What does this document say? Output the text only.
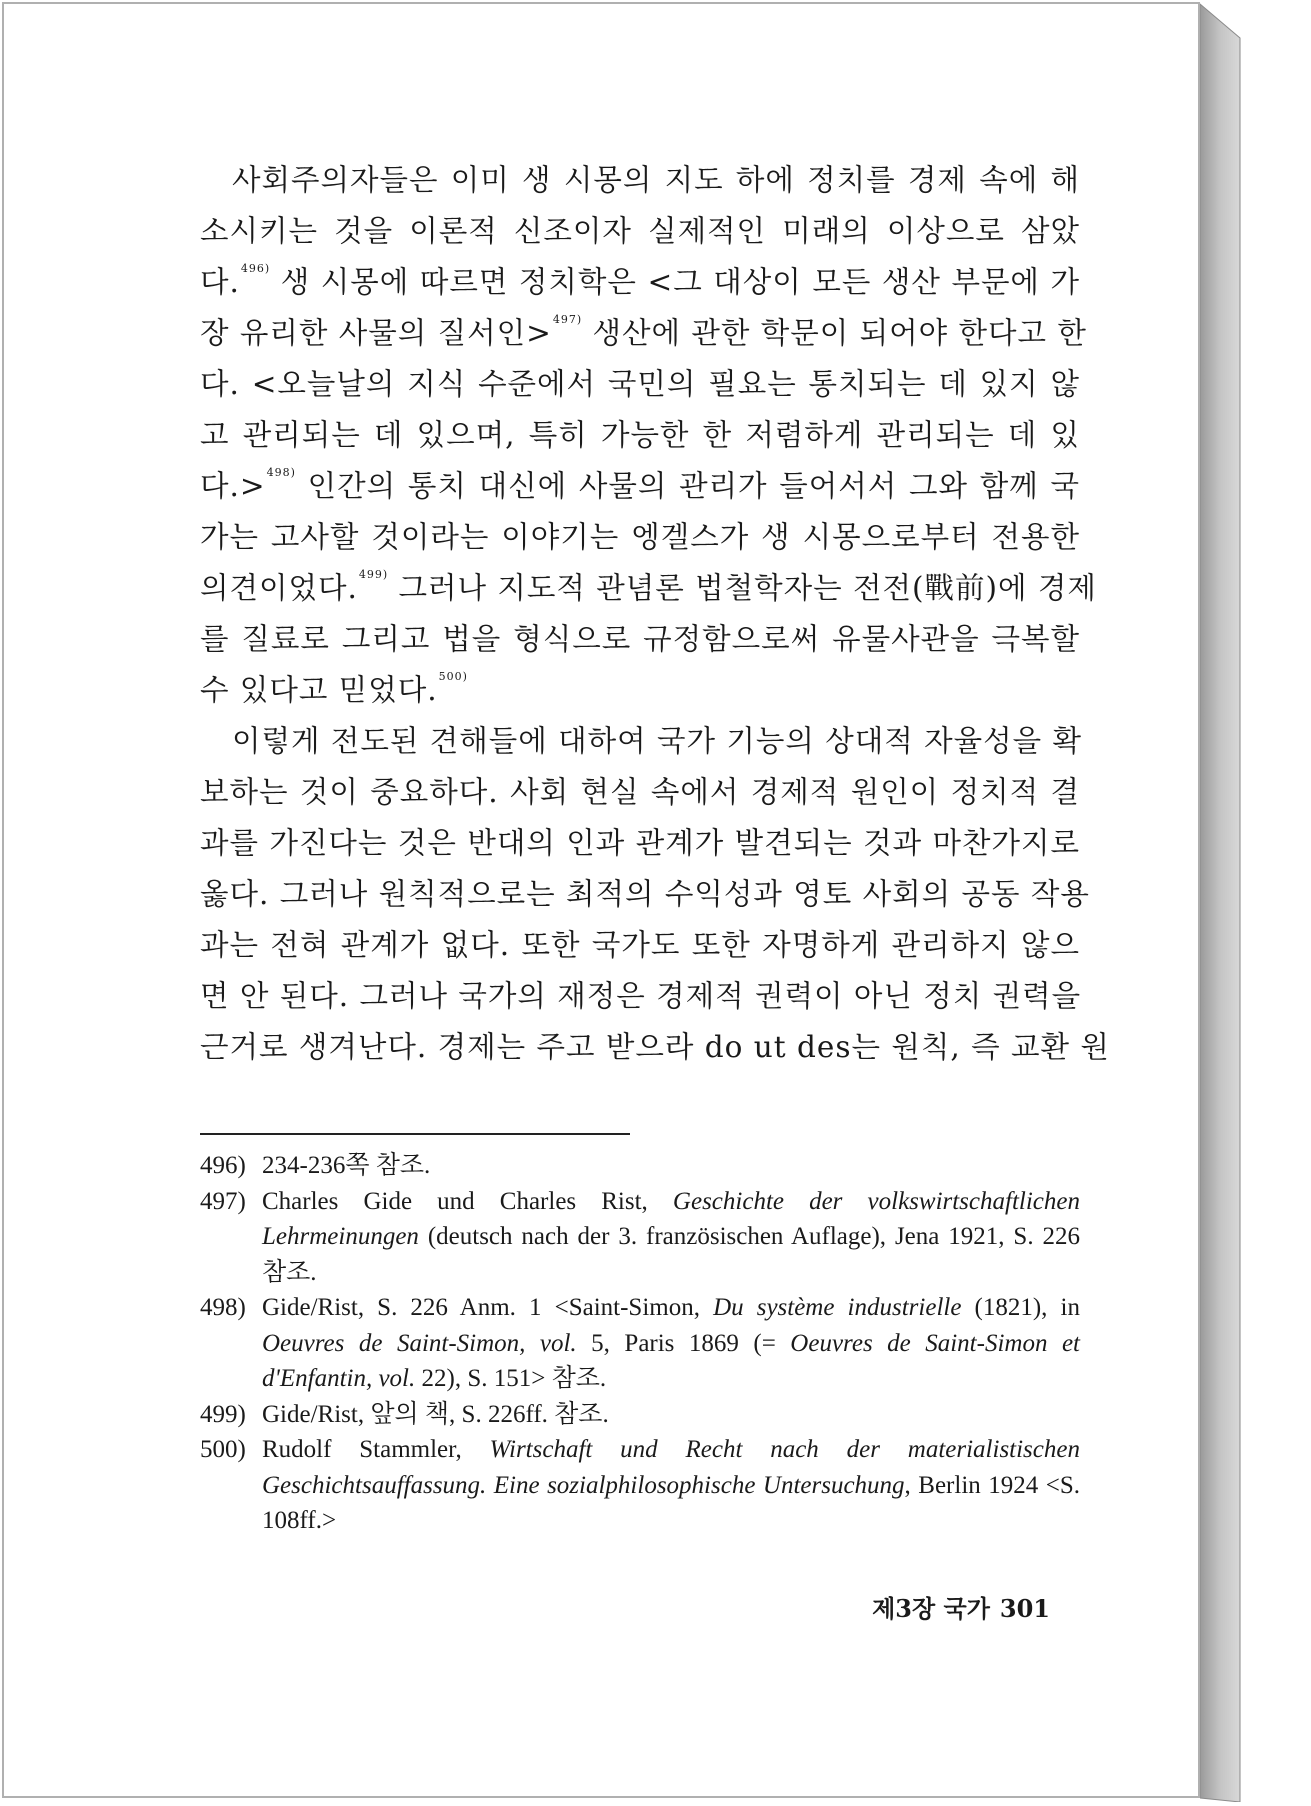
사회주의자들은 이미 생 시몽의 지도 하에 정치를 경제 속에 해
소시키는 것을 이론적 신조이자 실제적인 미래의 이상으로 삼았
다.$^{496)}$ 생 시몽에 따르면 정치학은 <그 대상이 모든 생산 부문에 가
장 유리한 사물의 질서인>$^{497)}$ 생산에 관한 학문이 되어야 한다고 한
다. <오늘날의 지식 수준에서 국민의 필요는 통치되는 데 있지 않
고 관리되는 데 있으며, 특히 가능한 한 저렴하게 관리되는 데 있
다.>$^{498)}$ 인간의 통치 대신에 사물의 관리가 들어서서 그와 함께 국
가는 고사할 것이라는 이야기는 엥겔스가 생 시몽으로부터 전용한
의견이었다.$^{499)}$ 그러나 지도적 관념론 법철학자는 전전(戰前)에 경제
를 질료로 그리고 법을 형식으로 규정함으로써 유물사관을 극복할
수 있다고 믿었다.$^{500)}$
이렇게 전도된 견해들에 대하여 국가 기능의 상대적 자율성을 확
보하는 것이 중요하다. 사회 현실 속에서 경제적 원인이 정치적 결
과를 가진다는 것은 반대의 인과 관계가 발견되는 것과 마찬가지로
옳다. 그러나 원칙적으로는 최적의 수익성과 영토 사회의 공동 작용
과는 전혀 관계가 없다. 또한 국가도 또한 자명하게 관리하지 않으
면 안 된다. 그러나 국가의 재정은 경제적 권력이 아닌 정치 권력을
근거로 생겨난다. 경제는 주고 받으라 do ut des는 원칙, 즉 교환 원
496) 234-236쪽 참조.
497) Charles Gide und Charles Rist, Geschichte der volkswirtschaftlichen Lehrmeinungen (deutsch nach der 3. französischen Auflage), Jena 1921, S. 226 참조.
498) Gide/Rist, S. 226 Anm. 1 <Saint-Simon, Du système industrielle (1821), in Oeuvres de Saint-Simon, vol. 5, Paris 1869 (= Oeuvres de Saint-Simon et d'Enfantin, vol. 22), S. 151> 참조.
499) Gide/Rist, 앞의 책, S. 226ff. 참조.
500) Rudolf Stammler, Wirtschaft und Recht nach der materialistischen Geschichtsauffassung. Eine sozialphilosophische Untersuchung, Berlin 1924 <S. 108ff.>
제3장 국가 301
